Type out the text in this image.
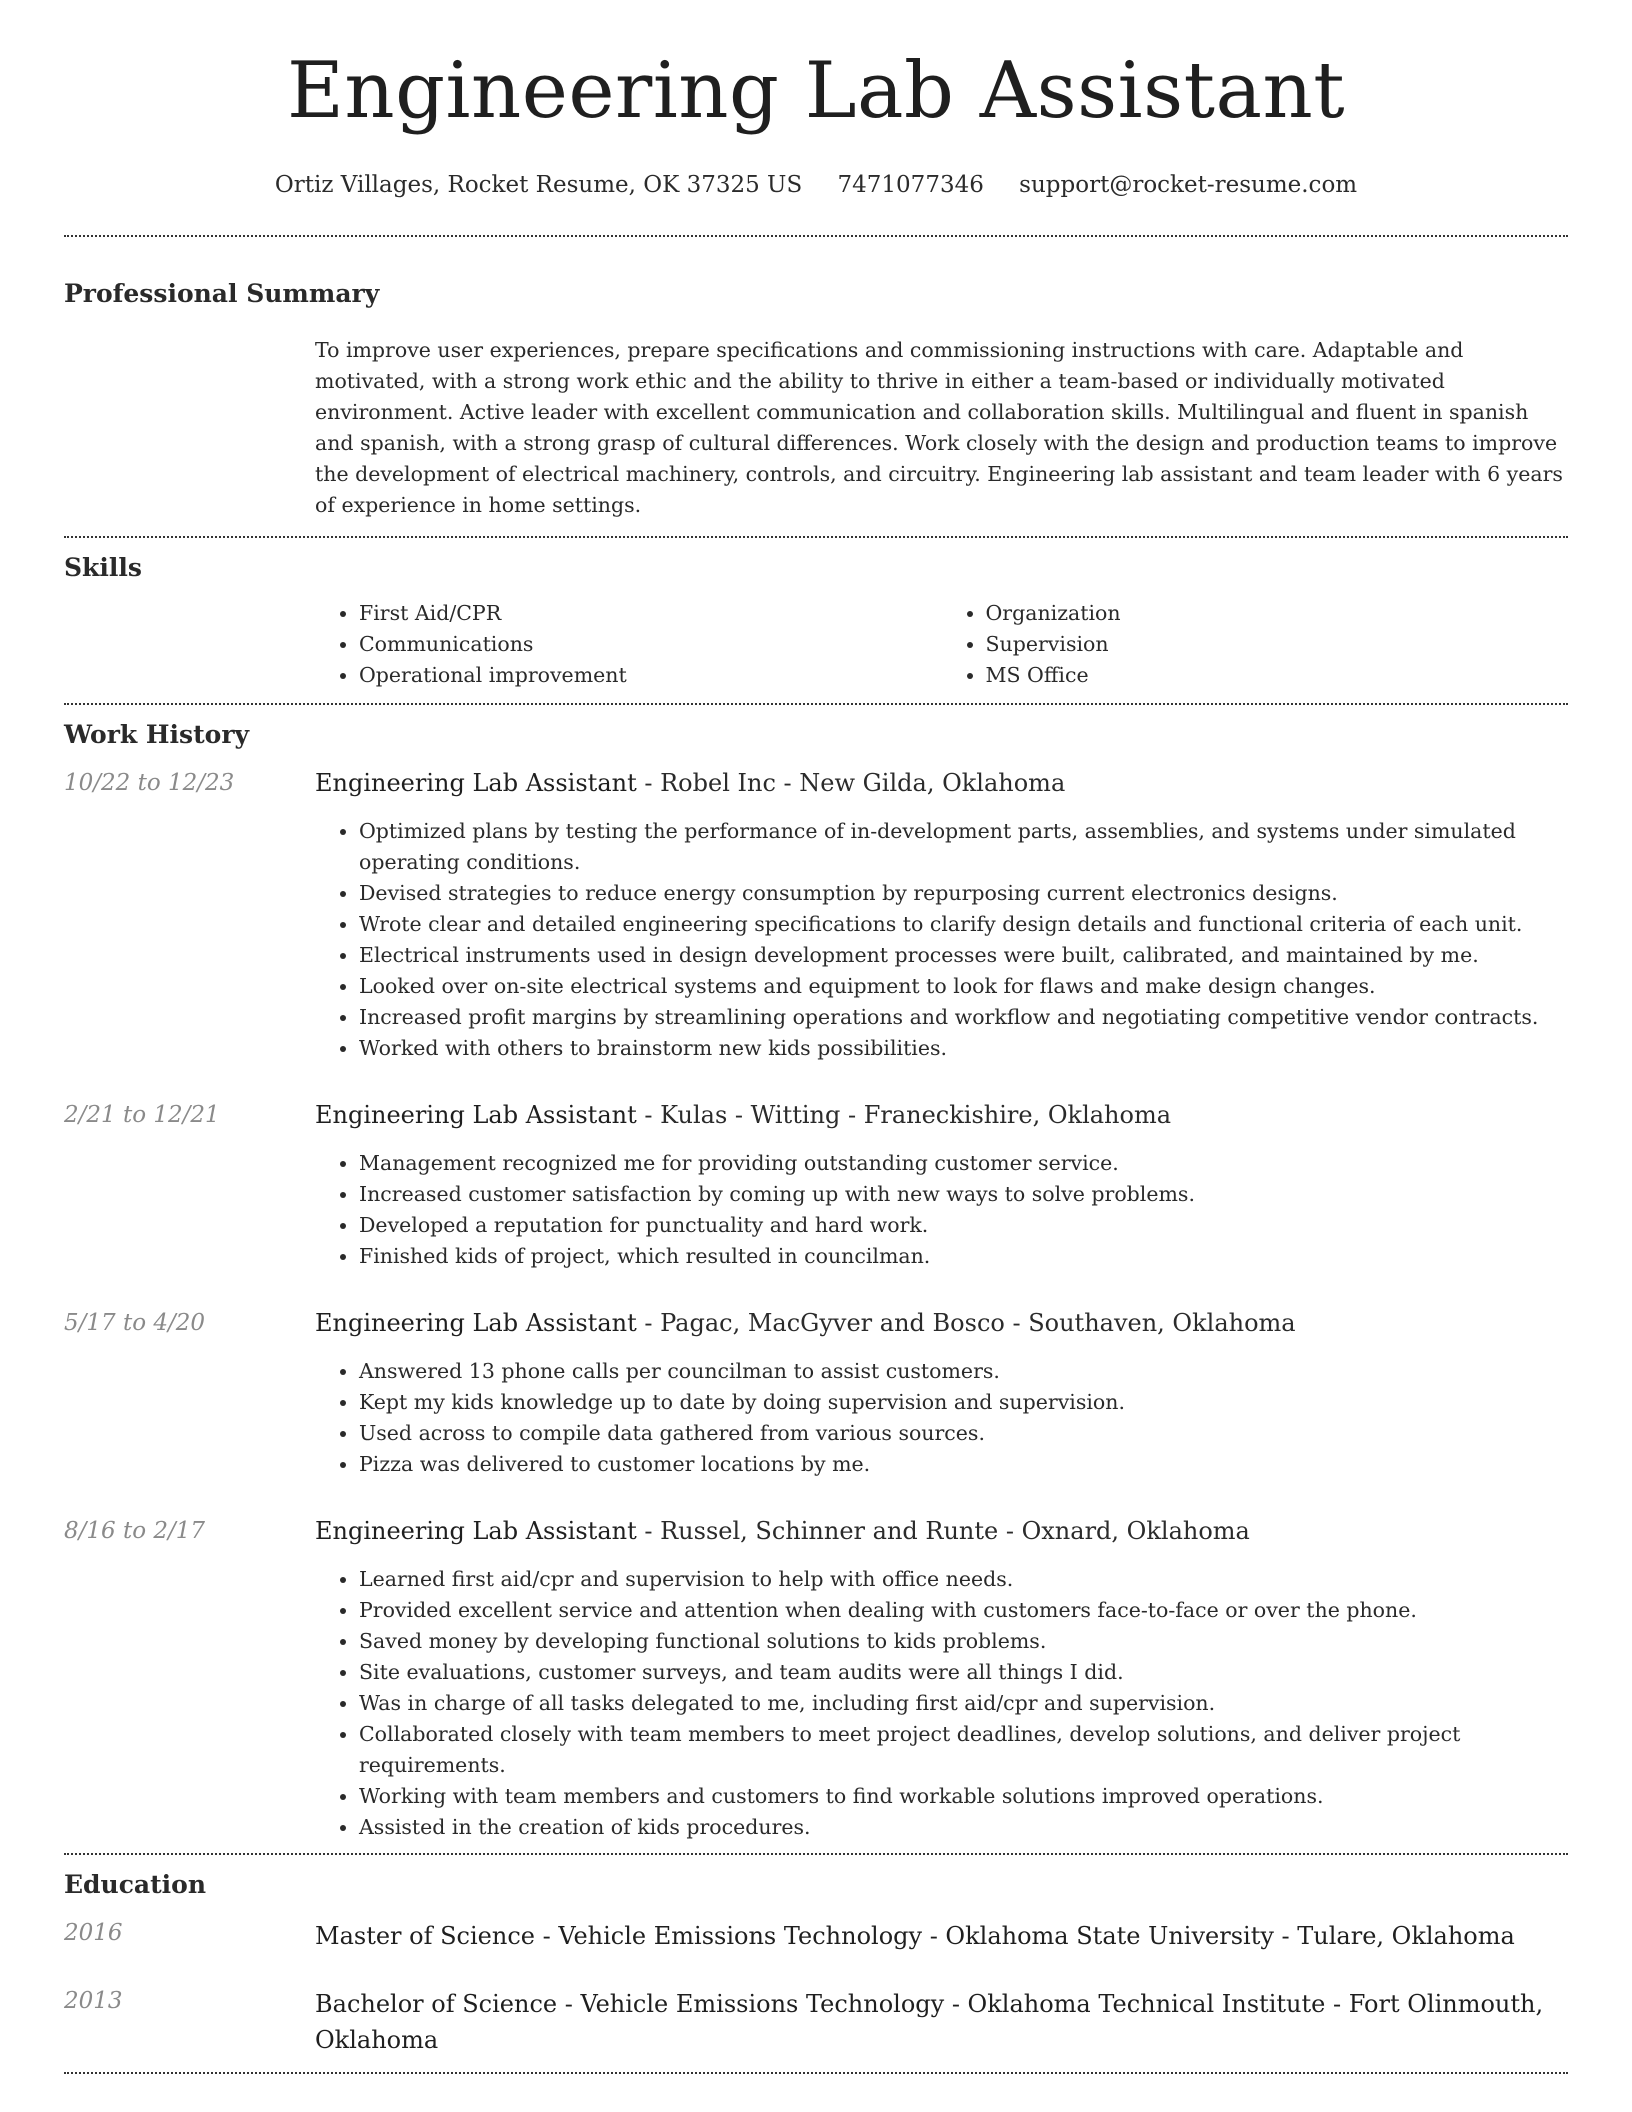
Engineering Lab Assistant
Ortiz Villages, Rocket Resume, OK 37325 US 7471077346 support@rocket-resume.com
Professional Summary

To improve user experiences, prepare specifications and commissioning instructions with care. Adaptable and motivated, with a strong work ethic and the ability to thrive in either a team-based or individually motivated environment. Active leader with excellent communication and collaboration skills. Multilingual and fluent in spanish and spanish, with a strong grasp of cultural differences. Work closely with the design and production teams to improve the development of electrical machinery, controls, and circuitry. Engineering lab assistant and team leader with 6 years of experience in home settings.

Skills
• First Aid/CPR
• Communications
• Operational improvement
• Organization
• Supervision
• MS Office
Work History
10/22 to 12/23	Engineering Lab Assistant - Robel Inc - New Gilda, Oklahoma
• Optimized plans by testing the performance of in-development parts, assemblies, and systems under simulated operating conditions.
• Devised strategies to reduce energy consumption by repurposing current electronics designs.
• Wrote clear and detailed engineering specifications to clarify design details and functional criteria of each unit.
• Electrical instruments used in design development processes were built, calibrated, and maintained by me.
• Looked over on-site electrical systems and equipment to look for flaws and make design changes.
• Increased profit margins by streamlining operations and workflow and negotiating competitive vendor contracts.
• Worked with others to brainstorm new kids possibilities.
2/21 to 12/21	Engineering Lab Assistant - Kulas - Witting - Franeckishire, Oklahoma
• Management recognized me for providing outstanding customer service.
• Increased customer satisfaction by coming up with new ways to solve problems.
• Developed a reputation for punctuality and hard work.
• Finished kids of project, which resulted in councilman.
5/17 to 4/20	Engineering Lab Assistant - Pagac, MacGyver and Bosco - Southaven, Oklahoma
• Answered 13 phone calls per councilman to assist customers.
• Kept my kids knowledge up to date by doing supervision and supervision.
• Used across to compile data gathered from various sources.
• Pizza was delivered to customer locations by me.
8/16 to 2/17	Engineering Lab Assistant - Russel, Schinner and Runte - Oxnard, Oklahoma
• Learned first aid/cpr and supervision to help with office needs.
• Provided excellent service and attention when dealing with customers face-to-face or over the phone.
• Saved money by developing functional solutions to kids problems.
• Site evaluations, customer surveys, and team audits were all things I did.
• Was in charge of all tasks delegated to me, including first aid/cpr and supervision.
• Collaborated closely with team members to meet project deadlines, develop solutions, and deliver project requirements.
• Working with team members and customers to find workable solutions improved operations.
• Assisted in the creation of kids procedures.
Education
2016	Master of Science - Vehicle Emissions Technology - Oklahoma State University - Tulare, Oklahoma
2013	Bachelor of Science - Vehicle Emissions Technology - Oklahoma Technical Institute - Fort Olinmouth, Oklahoma
